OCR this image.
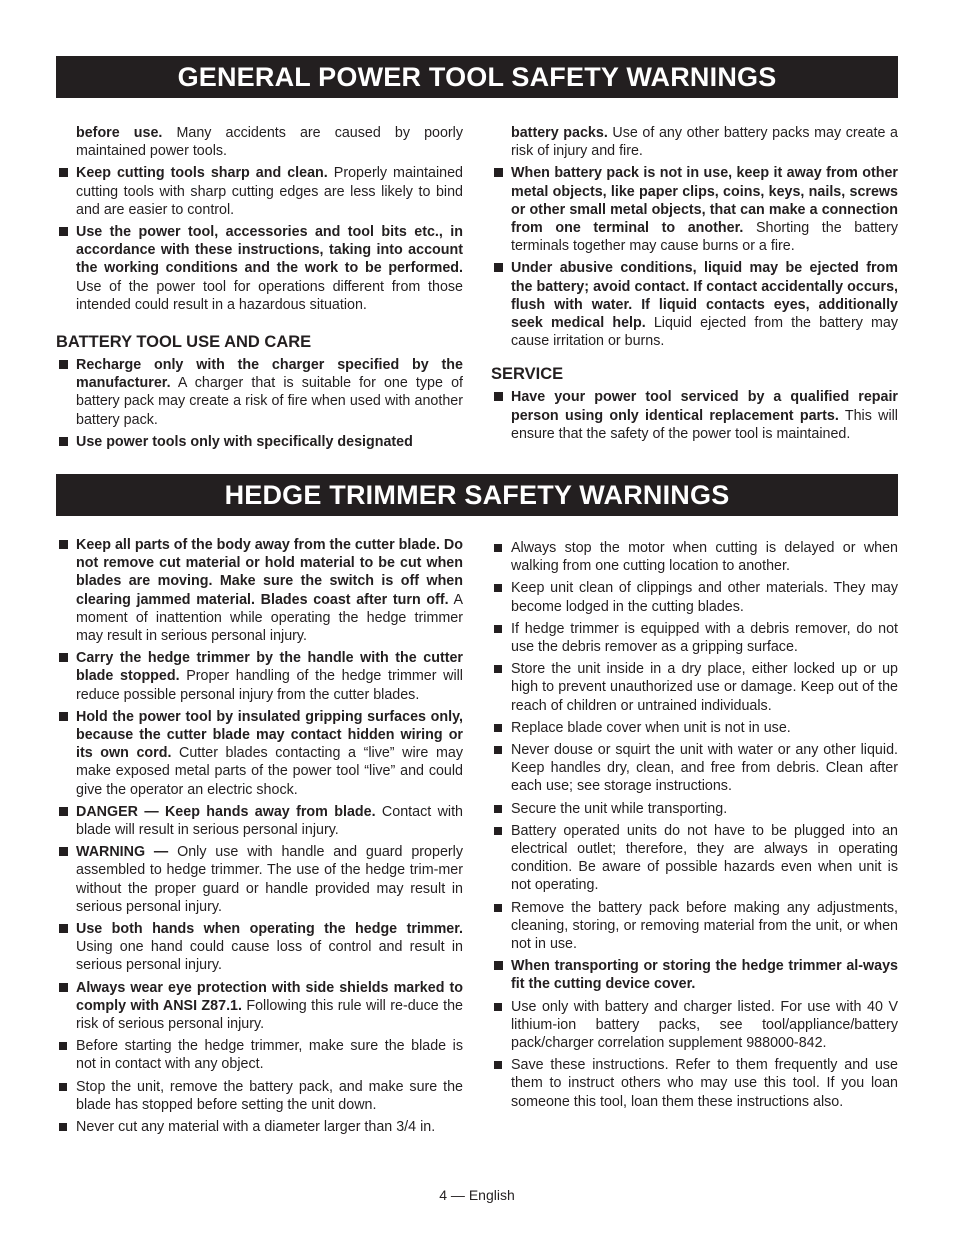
GENERAL POWER TOOL SAFETY WARNINGS

before use. Many accidents are caused by poorly maintained power tools.

Keep cutting tools sharp and clean. Properly maintained cutting tools with sharp cutting edges are less likely to bind and are easier to control.
Use the power tool, accessories and tool bits etc., in accordance with these instructions, taking into account the working conditions and the work to be performed. Use of the power tool for operations different from those intended could result in a hazardous situation.
BATTERY TOOL USE AND CARE
Recharge only with the charger specified by the manufacturer. A charger that is suitable for one type of battery pack may create a risk of fire when used with another battery pack.
Use power tools only with specifically designated

battery packs. Use of any other battery packs may create a risk of injury and fire.

When battery pack is not in use, keep it away from other metal objects, like paper clips, coins, keys, nails, screws or other small metal objects, that can make a connection from one terminal to another. Shorting the battery terminals together may cause burns or a fire.
Under abusive conditions, liquid may be ejected from the battery; avoid contact. If contact accidentally occurs, flush with water. If liquid contacts eyes, additionally seek medical help. Liquid ejected from the battery may cause irritation or burns.
SERVICE
Have your power tool serviced by a qualified repair person using only identical replacement parts. This will ensure that the safety of the power tool is maintained.
HEDGE TRIMMER SAFETY WARNINGS
Keep all parts of the body away from the cutter blade. Do not remove cut material or hold material to be cut when blades are moving. Make sure the switch is off when clearing jammed material. Blades coast after turn off. A moment of inattention while operating the hedge trimmer may result in serious personal injury.
Carry the hedge trimmer by the handle with the cutter blade stopped. Proper handling of the hedge trimmer will reduce possible personal injury from the cutter blades.
Hold the power tool by insulated gripping surfaces only, because the cutter blade may contact hidden wiring or its own cord. Cutter blades contacting a “live” wire may make exposed metal parts of the power tool “live” and could give the operator an electric shock.
DANGER — Keep hands away from blade. Contact with blade will result in serious personal injury.
WARNING — Only use with handle and guard properly assembled to hedge trimmer. The use of the hedge trim-mer without the proper guard or handle provided may result in serious personal injury.
Use both hands when operating the hedge trimmer. Using one hand could cause loss of control and result in serious personal injury.
Always wear eye protection with side shields marked to comply with ANSI Z87.1. Following this rule will re-duce the risk of serious personal injury.
Before starting the hedge trimmer, make sure the blade is not in contact with any object.
Stop the unit, remove the battery pack, and make sure the blade has stopped before setting the unit down.
Never cut any material with a diameter larger than 3/4 in.
Always stop the motor when cutting is delayed or when walking from one cutting location to another.
Keep unit clean of clippings and other materials. They may become lodged in the cutting blades.
If hedge trimmer is equipped with a debris remover, do not use the debris remover as a gripping surface.
Store the unit inside in a dry place, either locked up or up high to prevent unauthorized use or damage. Keep out of the reach of children or untrained individuals.
Replace blade cover when unit is not in use.
Never douse or squirt the unit with water or any other liquid. Keep handles dry, clean, and free from debris. Clean after each use; see storage instructions.
Secure the unit while transporting.
Battery operated units do not have to be plugged into an electrical outlet; therefore, they are always in operating condition. Be aware of possible hazards even when unit is not operating.
Remove the battery pack before making any adjustments, cleaning, storing, or removing material from the unit, or when not in use.
When transporting or storing the hedge trimmer al-ways fit the cutting device cover.
Use only with battery and charger listed. For use with 40 V lithium-ion battery packs, see tool/appliance/battery pack/charger correlation supplement 988000-842.
Save these instructions. Refer to them frequently and use them to instruct others who may use this tool. If you loan someone this tool, loan them these instructions also.
4 — English
